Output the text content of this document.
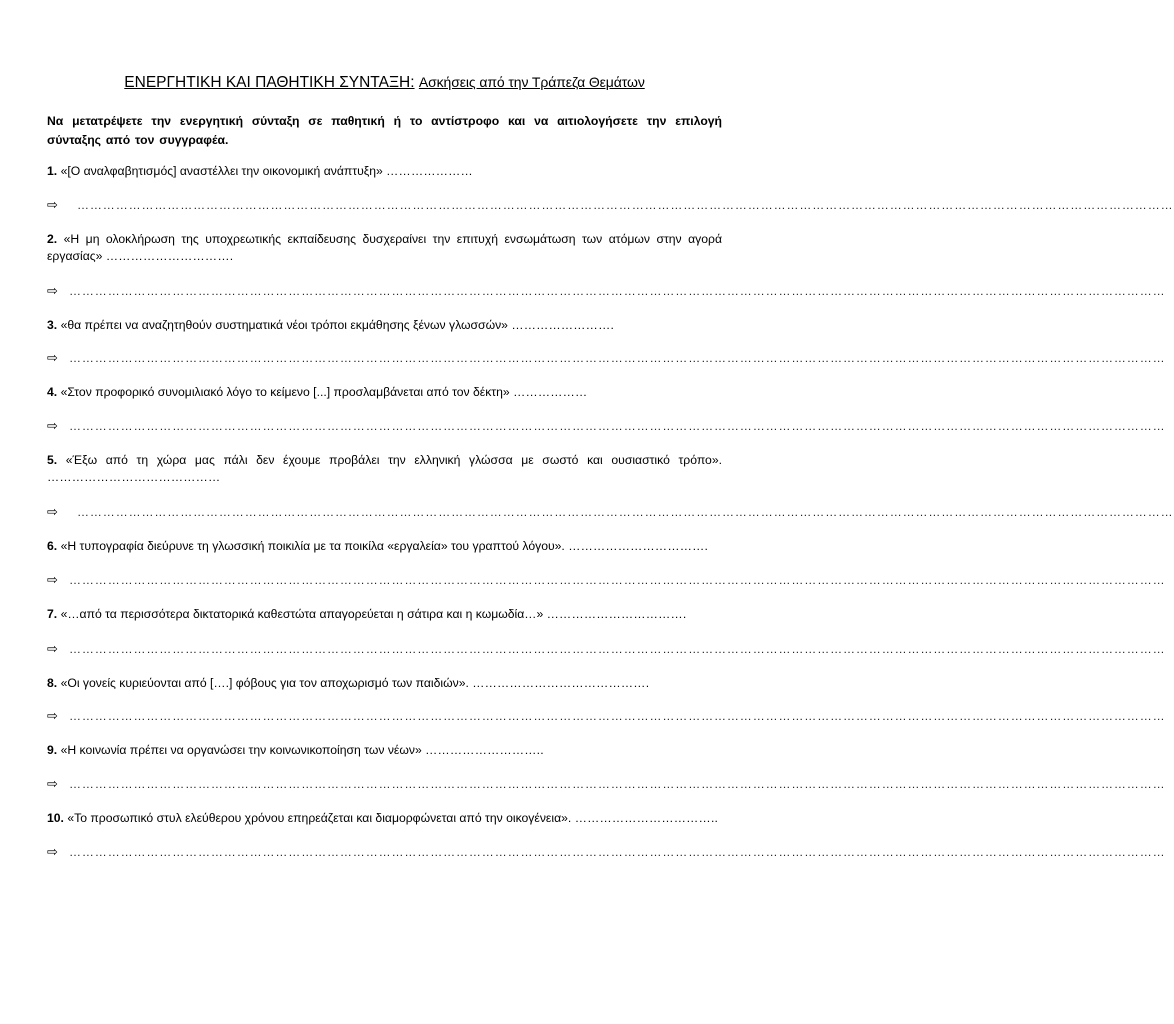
ΕΝΕΡΓΗΤΙΚΗ ΚΑΙ ΠΑΘΗΤΙΚΗ ΣΥΝΤΑΞΗ: Ασκήσεις από την Τράπεζα Θεμάτων

Να μετατρέψετε την ενεργητική σύνταξη σε παθητική ή το αντίστροφο και να αιτιολογήσετε την επιλογή σύνταξης από τον συγγραφέα.

1. «[Ο αναλφαβητισμός] αναστέλλει την οικονομική ανάπτυξη» …………………

⇨	…………………………………………………………………………………………………………………………………………………………………………………………………………………………………

2. «Η μη ολοκλήρωση της υποχρεωτικής εκπαίδευσης δυσχεραίνει την επιτυχή ενσωμάτωση των ατόμων στην αγορά εργασίας» ………………………….

⇨ …………………………………………………………………………………………………………………………………………………………………………………………………………………………………

3. «θα πρέπει να αναζητηθούν συστηματικά νέοι τρόποι εκμάθησης ξένων γλωσσών» …………………….

⇨ …………………………………………………………………………………………………………………………………………………………………………………………………………………………………

4. «Στον προφορικό συνομιλιακό λόγο το κείμενο [...] προσλαμβάνεται από τον δέκτη» ………………

⇨ …………………………………………………………………………………………………………………………………………………………………………………………………………………………………

5. «Έξω από τη χώρα μας πάλι δεν έχουμε προβάλει την ελληνική γλώσσα με σωστό και ουσιαστικό τρόπο». ……………………………………

⇨	…………………………………………………………………………………………………………………………………………………………………………………………………………………………………

6. «Η τυπογραφία διεύρυνε τη γλωσσική ποικιλία με τα ποικίλα «εργαλεία» του γραπτού λόγου». …………………………….

⇨ …………………………………………………………………………………………………………………………………………………………………………………………………………………………………

7. «…από τα περισσότερα δικτατορικά καθεστώτα απαγορεύεται η σάτιρα και η κωμωδία…» …………………………….

⇨ …………………………………………………………………………………………………………………………………………………………………………………………………………………………………

8. «Οι γονείς κυριεύονται από [….] φόβους για τον αποχωρισμό των παιδιών». …………………………………….

⇨ …………………………………………………………………………………………………………………………………………………………………………………………………………………………………

9. «Η κοινωνία πρέπει να οργανώσει την κοινωνικοποίηση των νέων» ………………………..

⇨ …………………………………………………………………………………………………………………………………………………………………………………………………………………………………

10. «Το προσωπικό στυλ ελεύθερου χρόνου επηρεάζεται και διαμορφώνεται από την οικογένεια». ……………………………..

⇨ …………………………………………………………………………………………………………………………………………………………………………………………………………………………………
